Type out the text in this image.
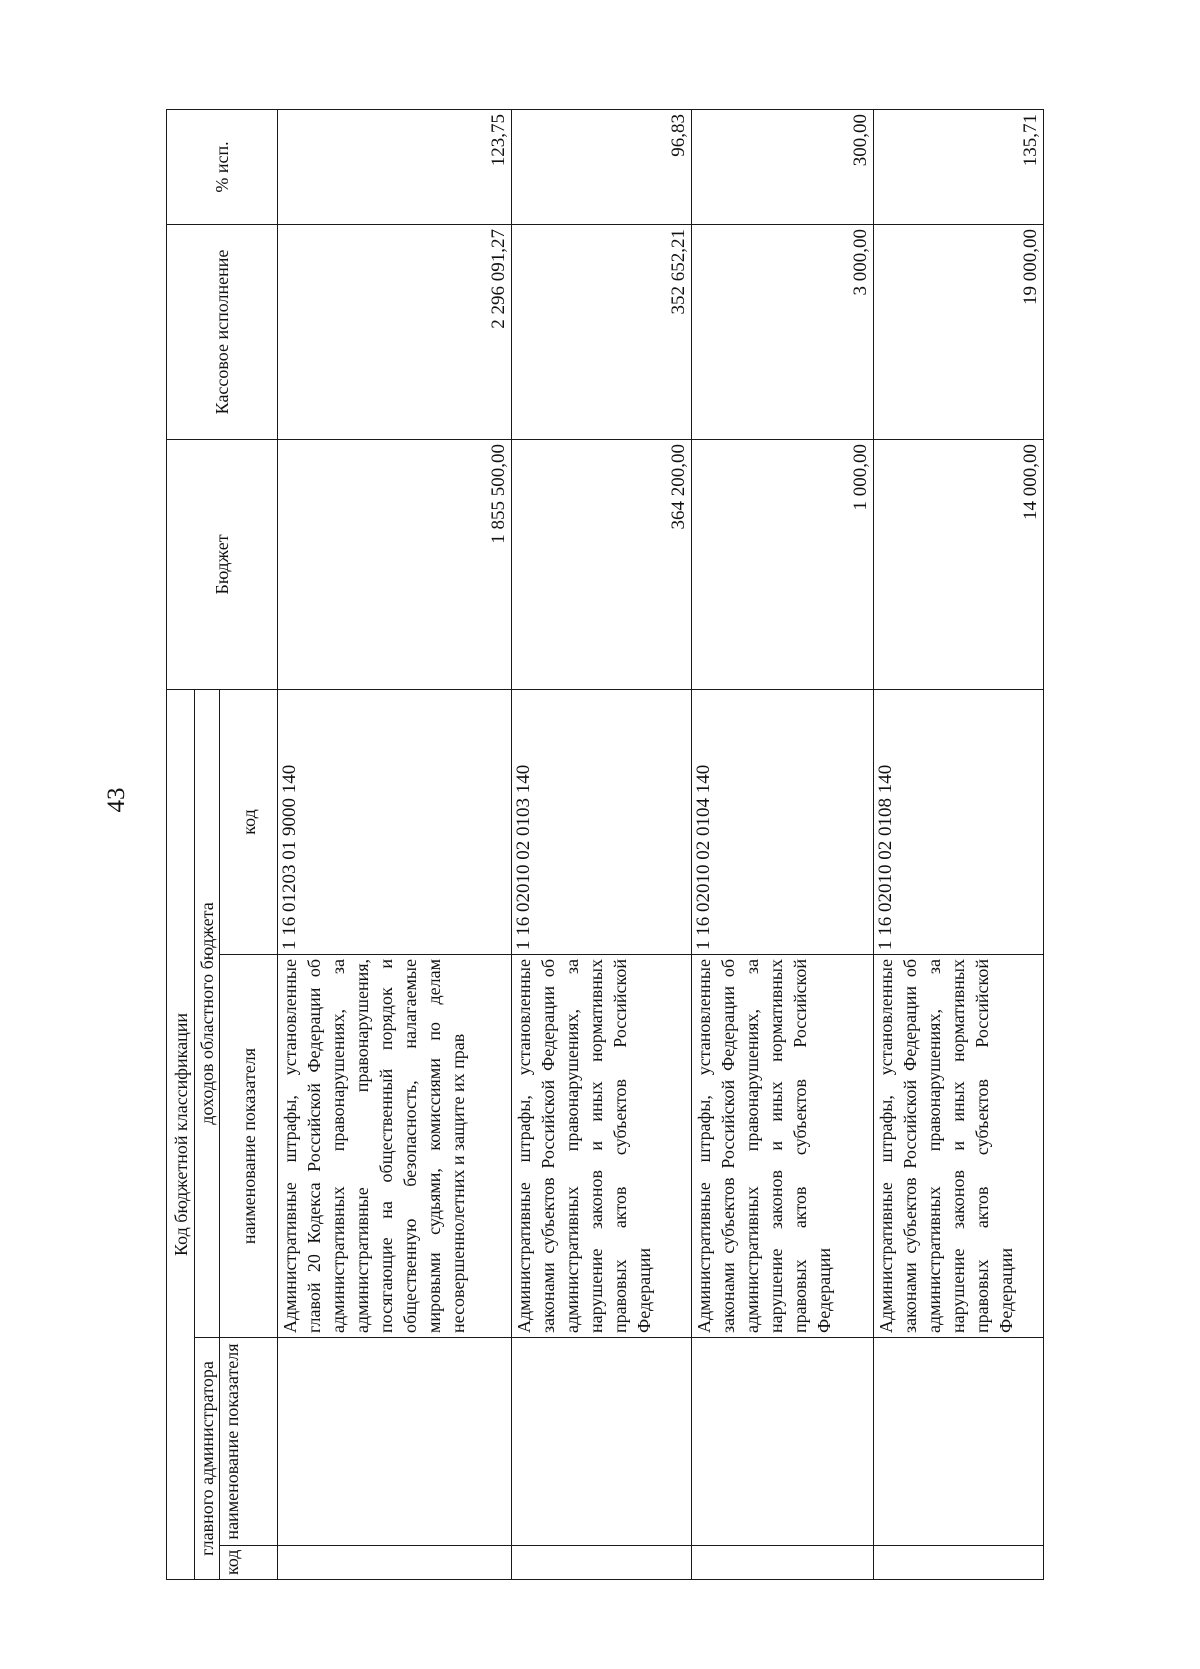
43
Код бюджетной классификации				Бюджет	Кассовое исполнение	% исп.
главного администратора		доходов областного бюджета				
код	наименование показателя	наименование показателя	код			
		Административные штрафы, установленные главой 20 Кодекса Российской Федерации об административных правонарушениях, за административные правонарушения, посягающие на общественный порядок и общественную безопасность, налагаемые мировыми судьями, комиссиями по делам несовершеннолетних и защите их прав	1 16 01203 01 9000 140	1 855 500,00	2 296 091,27	123,75
		Административные штрафы, установленные законами субъектов Российской Федерации об административных правонарушениях, за нарушение законов и иных нормативных правовых актов субъектов Российской Федерации	1 16 02010 02 0103 140	364 200,00	352 652,21	96,83
		Административные штрафы, установленные законами субъектов Российской Федерации об административных правонарушениях, за нарушение законов и иных нормативных правовых актов субъектов Российской Федерации	1 16 02010 02 0104 140	1 000,00	3 000,00	300,00
		Административные штрафы, установленные законами субъектов Российской Федерации об административных правонарушениях, за нарушение законов и иных нормативных правовых актов субъектов Российской Федерации	1 16 02010 02 0108 140	14 000,00	19 000,00	135,71
